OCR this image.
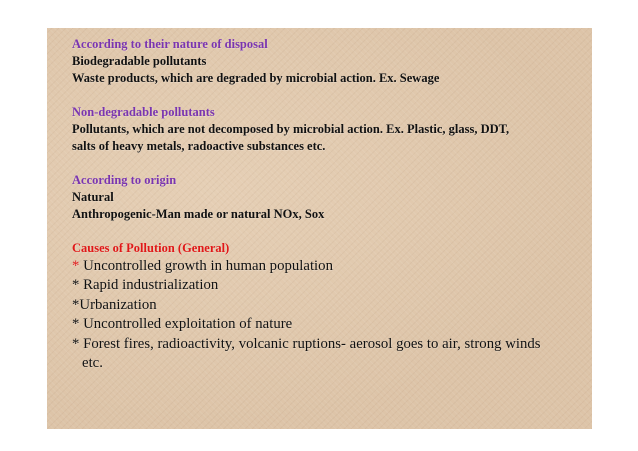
According to their nature of disposal
Biodegradable pollutants
Waste products, which are degraded by microbial action. Ex. Sewage
Non-degradable pollutants
Pollutants, which are not decomposed by microbial action. Ex. Plastic, glass, DDT,
salts of heavy metals, radoactive substances etc.
According to origin
Natural
Anthropogenic-Man made or natural NOx, Sox
Causes of Pollution (General)
* Uncontrolled growth in human population
* Rapid industrialization
*Urbanization
* Uncontrolled exploitation of nature
* Forest fires, radioactivity, volcanic ruptions- aerosol goes to air, strong winds
etc.
